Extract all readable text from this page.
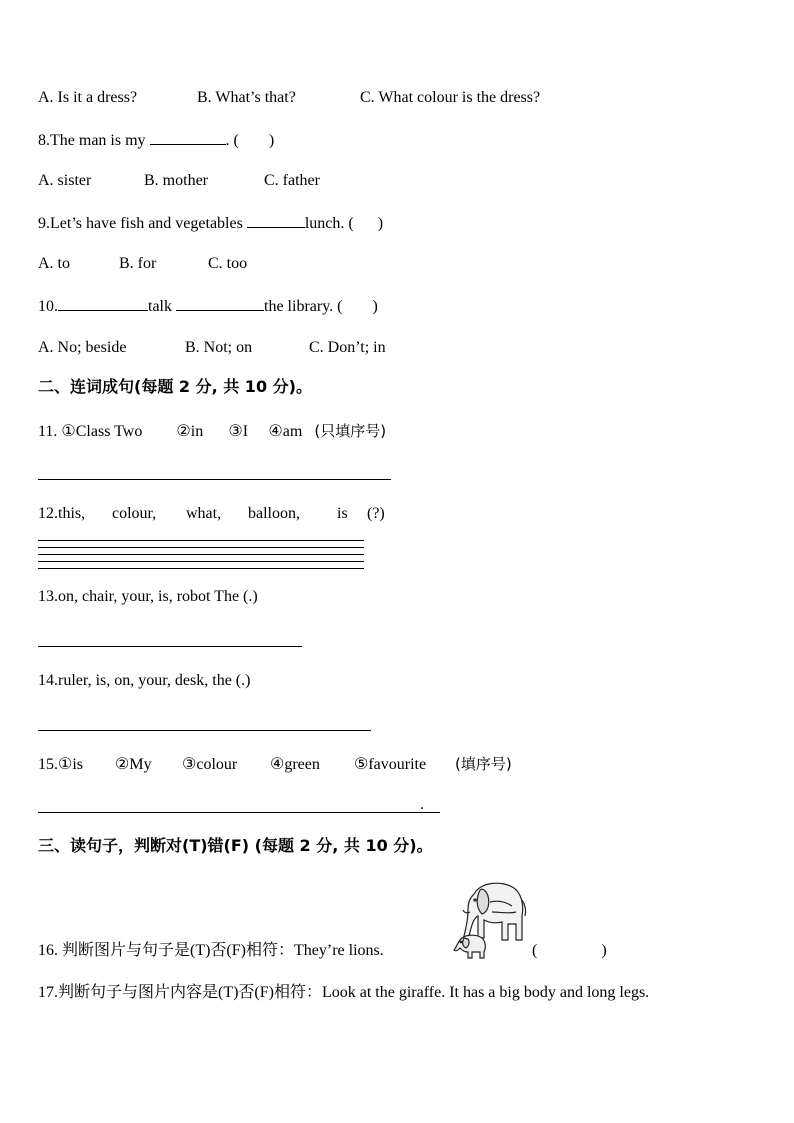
A. Is it a dress?	B. What’s that?	C. What colour is the dress?
8.The man is my	. ( )
A. sister	B. mother	C. father
9.Let’s have fish and vegetables	lunch. ( )
A. to	B. for	C. too
10.	talk	the library. ( )
A. No; beside	B. Not; on	C. Don’t; in
二、连词成句(每题 2 分, 共 10 分)。
11. ①Class Two ②in ③I ④am (只填序号)
12.this, colour, what, balloon, is (?)
13.on, chair, your, is, robot The (.)
14.ruler, is, on, your, desk, the (.)
15.①is ②My ③colour ④green ⑤favourite (填序号)
.
三、读句子，判断对(T)错(F) (每题 2 分, 共 10 分)。
16. 判断图片与句子是(T)否(F)相符：They’re lions.	(　　　　)
17.判断句子与图片内容是(T)否(F)相符：Look at the giraffe. It has a big body and long legs.
